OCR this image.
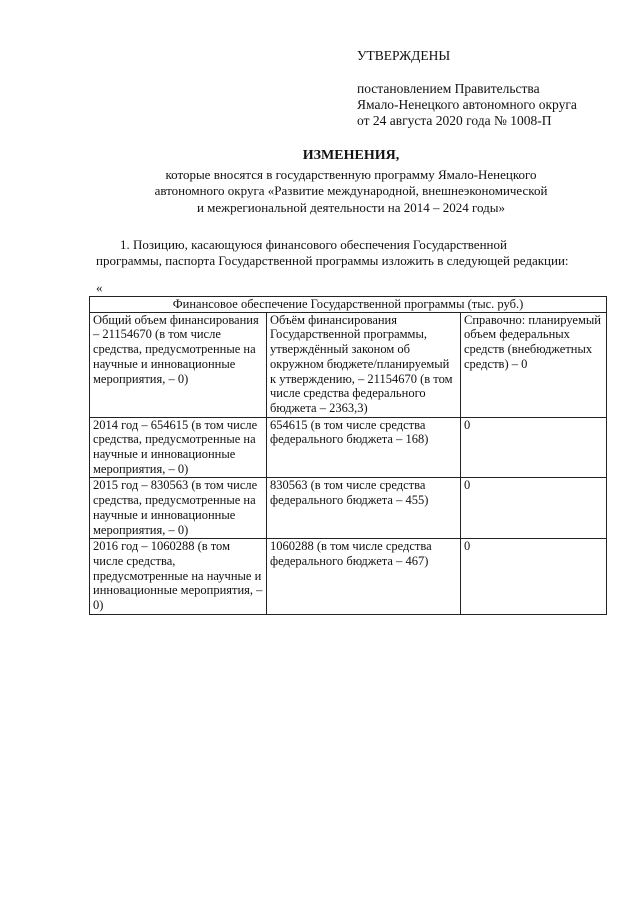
УТВЕРЖДЕНЫ
постановлением Правительства
Ямало-Ненецкого автономного округа
от 24 августа 2020 года № 1008-П
ИЗМЕНЕНИЯ,
которые вносятся в государственную программу Ямало-Ненецкого
автономного округа «Развитие международной, внешнеэкономической
и межрегиональной деятельности на 2014 – 2024 годы»
1. Позицию, касающуюся финансового обеспечения Государственной
программы, паспорта Государственной программы изложить в следующей редакции:
«
Финансовое обеспечение Государственной программы (тыс. руб.)		
Общий объем финансирования – 21154670 (в том числе средства, предусмотренные на научные и инновационные мероприятия, – 0)	Объём финансирования Государственной программы, утверждённый законом об окружном бюджете/планируемый к утверждению, – 21154670 (в том числе средства федерального бюджета – 2363,3)	Справочно: планируемый объем федеральных средств (внебюджетных средств) – 0
2014 год – 654615 (в том числе средства, предусмотренные на научные и инновационные мероприятия, – 0)	654615 (в том числе средства федерального бюджета – 168)	0
2015 год – 830563 (в том числе средства, предусмотренные на научные и инновационные мероприятия, – 0)	830563 (в том числе средства федерального бюджета – 455)	0
2016 год – 1060288 (в том числе средства, предусмотренные на научные и инновационные мероприятия, – 0)	1060288 (в том числе средства федерального бюджета – 467)	0
